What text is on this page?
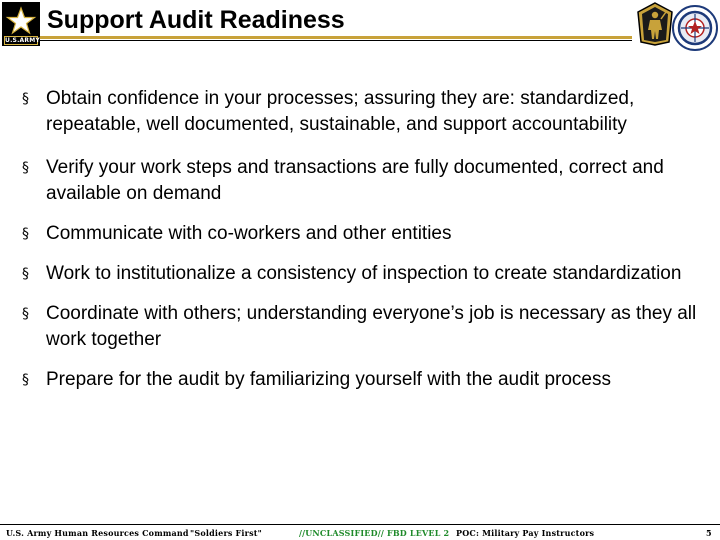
U.S.ARMY
Support Audit Readiness
§ Obtain confidence in your processes; assuring they are: standardized, repeatable, well documented, sustainable, and support accountability
§ Verify your work steps and transactions are fully documented, correct and available on demand
§ Communicate with co-workers and other entities
§ Work to institutionalize a consistency of inspection to create standardization
§ Coordinate with others; understanding everyone’s job is necessary as they all work together
§ Prepare for the audit by familiarizing yourself with the audit process
U.S. Army Human Resources Command "Soldiers First"	//UNCLASSIFIED// FBD LEVEL 2 POC: Military Pay Instructors	5
